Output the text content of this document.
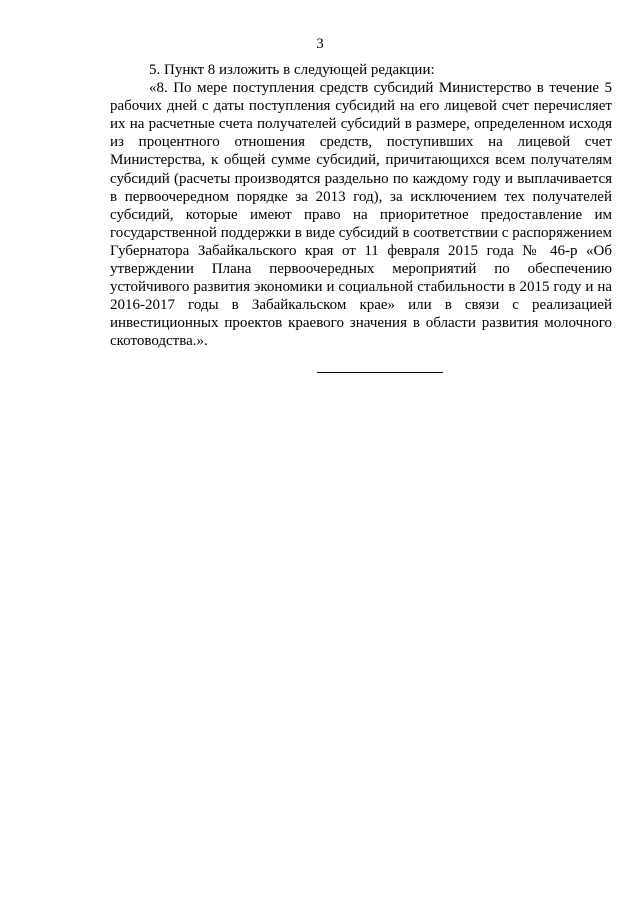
3

5. Пункт 8 изложить в следующей редакции:

«8. По мере поступления средств субсидий Министерство в течение 5 рабочих дней с даты поступления субсидий на его лицевой счет перечисляет их на расчетные счета получателей субсидий в размере, определенном исходя из процентного отношения средств, поступивших на лицевой счет Министерства, к общей сумме субсидий, причитающихся всем получателям субсидий (расчеты производятся раздельно по каждому году и выплачивается в первоочередном порядке за 2013 год), за исключением тех получателей субсидий, которые имеют право на приоритетное предоставление им государственной поддержки в виде субсидий в соответствии с распоряжением Губернатора Забайкальского края от 11 февраля 2015 года № 46-р «Об утверждении Плана первоочередных мероприятий по обеспечению устойчивого развития экономики и социальной стабильности в 2015 году и на 2016-2017 годы в Забайкальском крае» или в связи с реализацией инвестиционных проектов краевого значения в области развития молочного скотоводства.».
